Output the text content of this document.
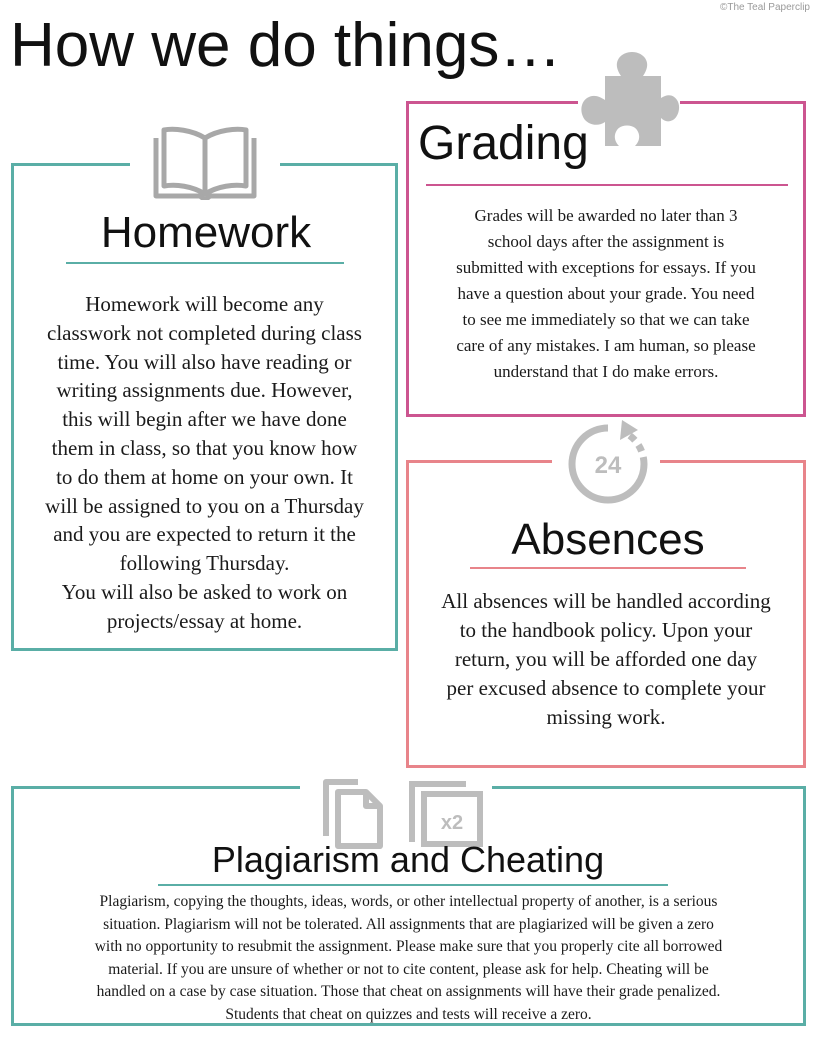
©The Teal Paperclip
How we do things…
Homework
Homework will become any
classwork not completed during class
time. You will also have reading or
writing assignments due. However,
this will begin after we have done
them in class, so that you know how
to do them at home on your own. It
will be assigned to you on a Thursday
and you are expected to return it the
following Thursday.
You will also be asked to work on
projects/essay at home.
Grading
Grades will be awarded no later than 3
school days after the assignment is
submitted with exceptions for essays. If you
have a question about your grade. You need
to see me immediately so that we can take
care of any mistakes. I am human, so please
understand that I do make errors.
24
Absences
All absences will be handled according
to the handbook policy. Upon your
return, you will be afforded one day
per excused absence to complete your
missing work.
x2
Plagiarism and Cheating
Plagiarism, copying the thoughts, ideas, words, or other intellectual property of another, is a serious
situation. Plagiarism will not be tolerated. All assignments that are plagiarized will be given a zero
with no opportunity to resubmit the assignment. Please make sure that you properly cite all borrowed
material. If you are unsure of whether or not to cite content, please ask for help. Cheating will be
handled on a case by case situation. Those that cheat on assignments will have their grade penalized.
Students that cheat on quizzes and tests will receive a zero.
